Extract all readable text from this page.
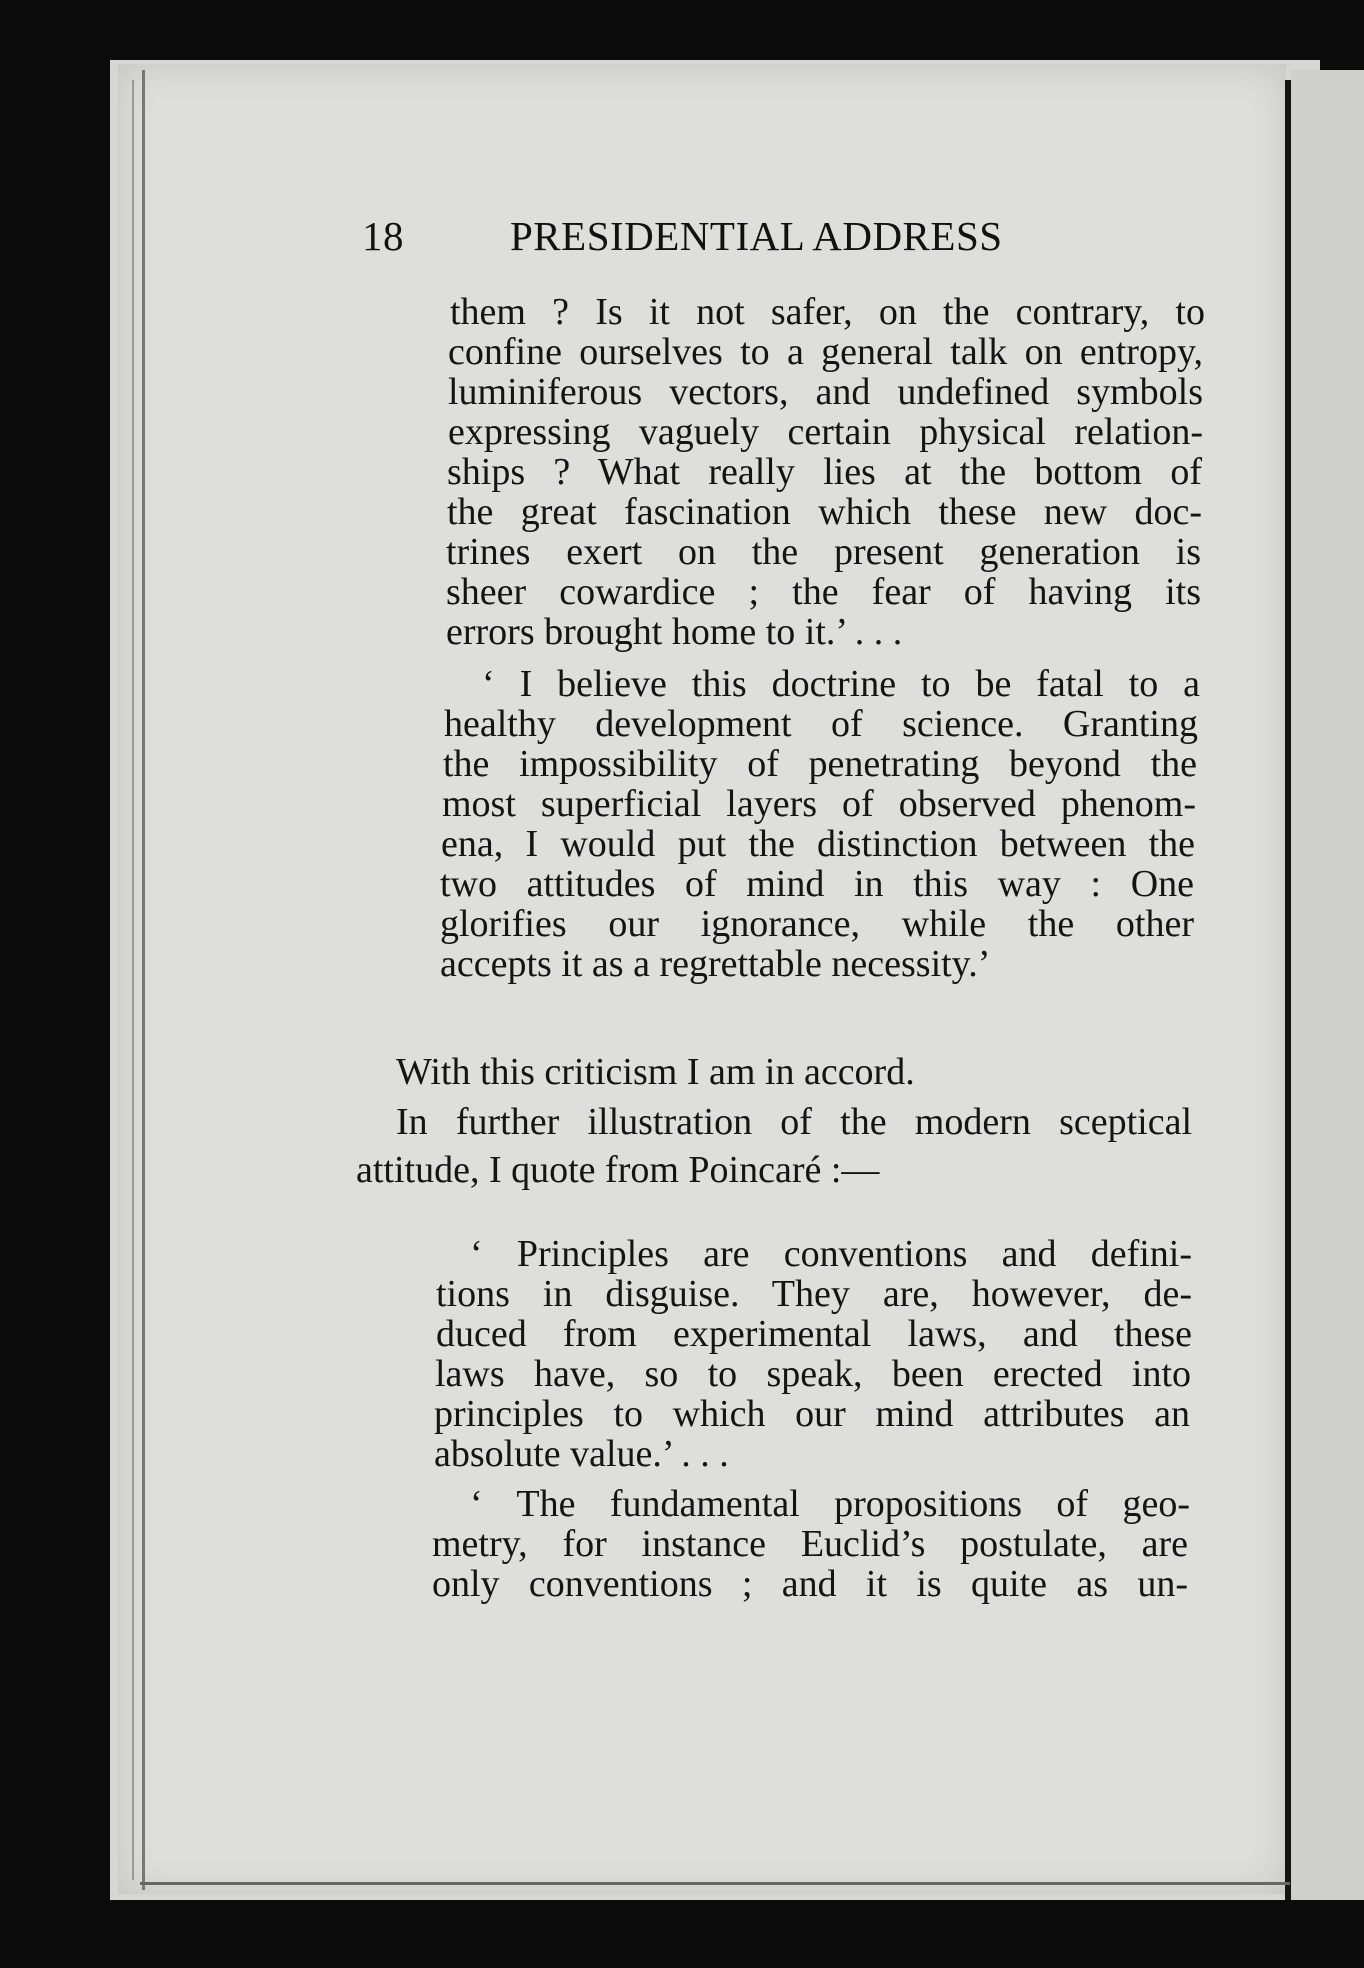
18	PRESIDENTIAL ADDRESS
them ? Is it not safer, on the contrary, to
confine ourselves to a general talk on entropy,
luminiferous vectors, and undefined symbols
expressing vaguely certain physical relation-
ships ? What really lies at the bottom of
the great fascination which these new doc-
trines exert on the present generation is
sheer cowardice ; the fear of having its
errors brought home to it.’ . . .
‘ I believe this doctrine to be fatal to a
healthy development of science. Granting
the impossibility of penetrating beyond the
most superficial layers of observed phenom-
ena, I would put the distinction between the
two attitudes of mind in this way : One
glorifies our ignorance, while the other
accepts it as a regrettable necessity.’
With this criticism I am in accord.
In further illustration of the modern sceptical
attitude, I quote from Poincaré :—
‘ Principles are conventions and defini-
tions in disguise. They are, however, de-
duced from experimental laws, and these
laws have, so to speak, been erected into
principles to which our mind attributes an
absolute value.’ . . .
‘ The fundamental propositions of geo-
metry, for instance Euclid’s postulate, are
only conventions ; and it is quite as un-
